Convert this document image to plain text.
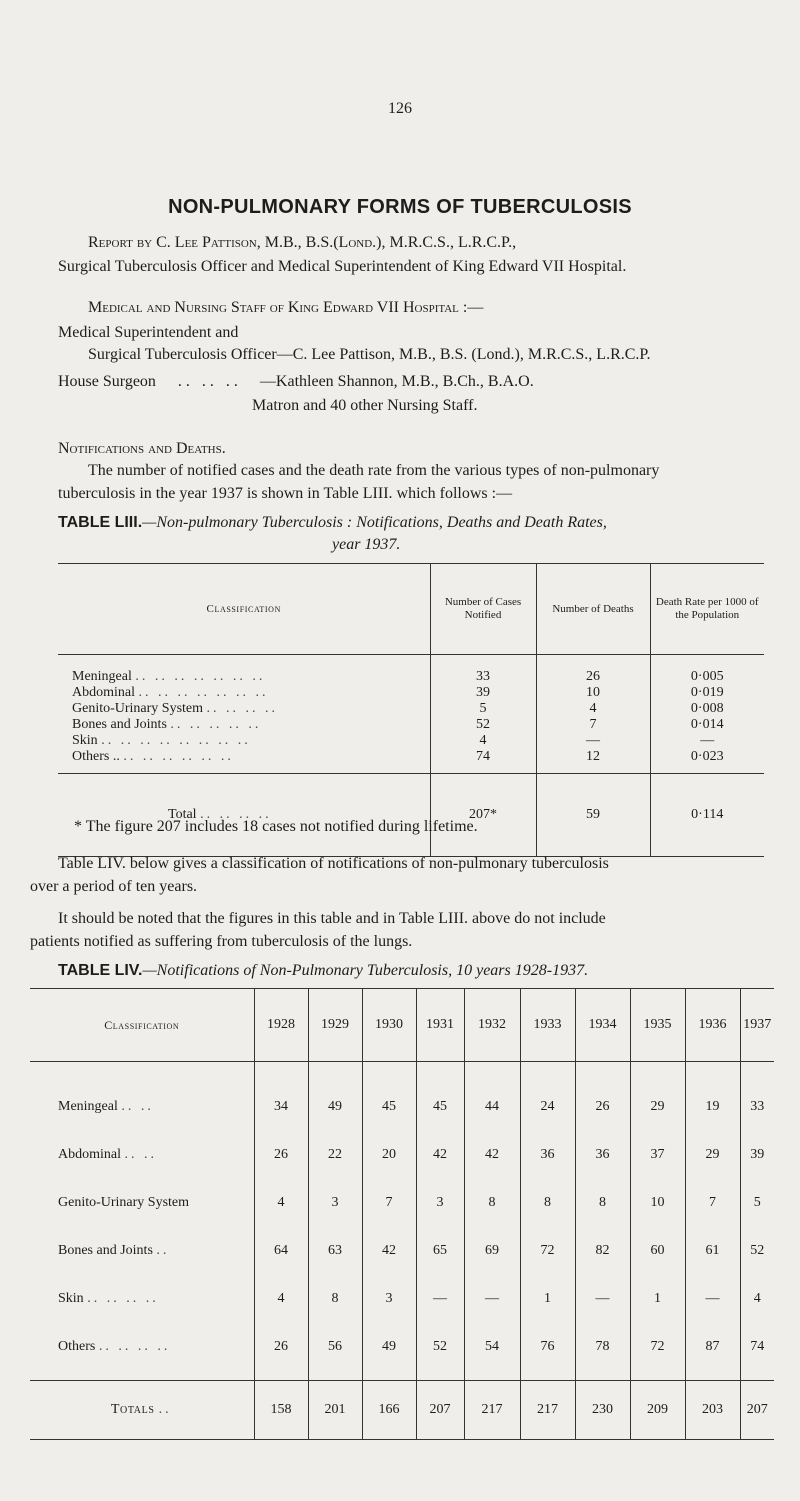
126
NON-PULMONARY FORMS OF TUBERCULOSIS
Report by C. Lee Pattison, M.B., B.S.(Lond.), M.R.C.S., L.R.C.P.,
Surgical Tuberculosis Officer and Medical Superintendent of King Edward VII Hospital.
Medical and Nursing Staff of King Edward VII Hospital :—
Medical Superintendent and
Surgical Tuberculosis Officer—C. Lee Pattison, M.B., B.S. (Lond.), M.R.C.S., L.R.C.P.
House Surgeon . .   . .   . . —Kathleen Shannon, M.B., B.Ch., B.A.O.
Matron and 40 other Nursing Staff.
Notifications and Deaths.
The number of notified cases and the death rate from the various types of non-pulmonary
tuberculosis in the year 1937 is shown in Table LIII. which follows :—
TABLE LIII.—Non-pulmonary Tuberculosis : Notifications, Deaths and Death Rates,
year 1937.
Classification	Number of Cases Notified	Number of Deaths	Death Rate per 1000 of the Population
Meningeal .. .. .. .. .. .. ..	33	26	0·005
Abdominal .. .. .. .. .. .. ..	39	10	0·019
Genito-Urinary System .. .. .. ..	5	4	0·008
Bones and Joints .. .. .. .. ..	52	7	0·014
Skin .. .. .. .. .. .. .. ..	4	—	—
Others .. .. .. .. .. .. ..	74	12	0·023
Total .. .. .. ..	207*	59	0·114
* The figure 207 includes 18 cases not notified during lifetime.
Table LIV. below gives a classification of notifications of non-pulmonary tuberculosis
over a period of ten years.
It should be noted that the figures in this table and in Table LIII. above do not include
patients notified as suffering from tuberculosis of the lungs.
TABLE LIV.—Notifications of Non-Pulmonary Tuberculosis, 10 years 1928-1937.
Classification	1928	1929	1930	1931	1932	1933	1934	1935	1936	1937
Meningeal .. ..	34	49	45	45	44	24	26	29	19	33
Abdominal .. ..	26	22	20	42	42	36	36	37	29	39
Genito-Urinary System	4	3	7	3	8	8	8	10	7	5
Bones and Joints ..	64	63	42	65	69	72	82	60	61	52
Skin .. .. .. ..	4	8	3	—	—	1	—	1	—	4
Others .. .. .. ..	26	56	49	52	54	76	78	72	87	74
Totals ..	158	201	166	207	217	217	230	209	203	207
